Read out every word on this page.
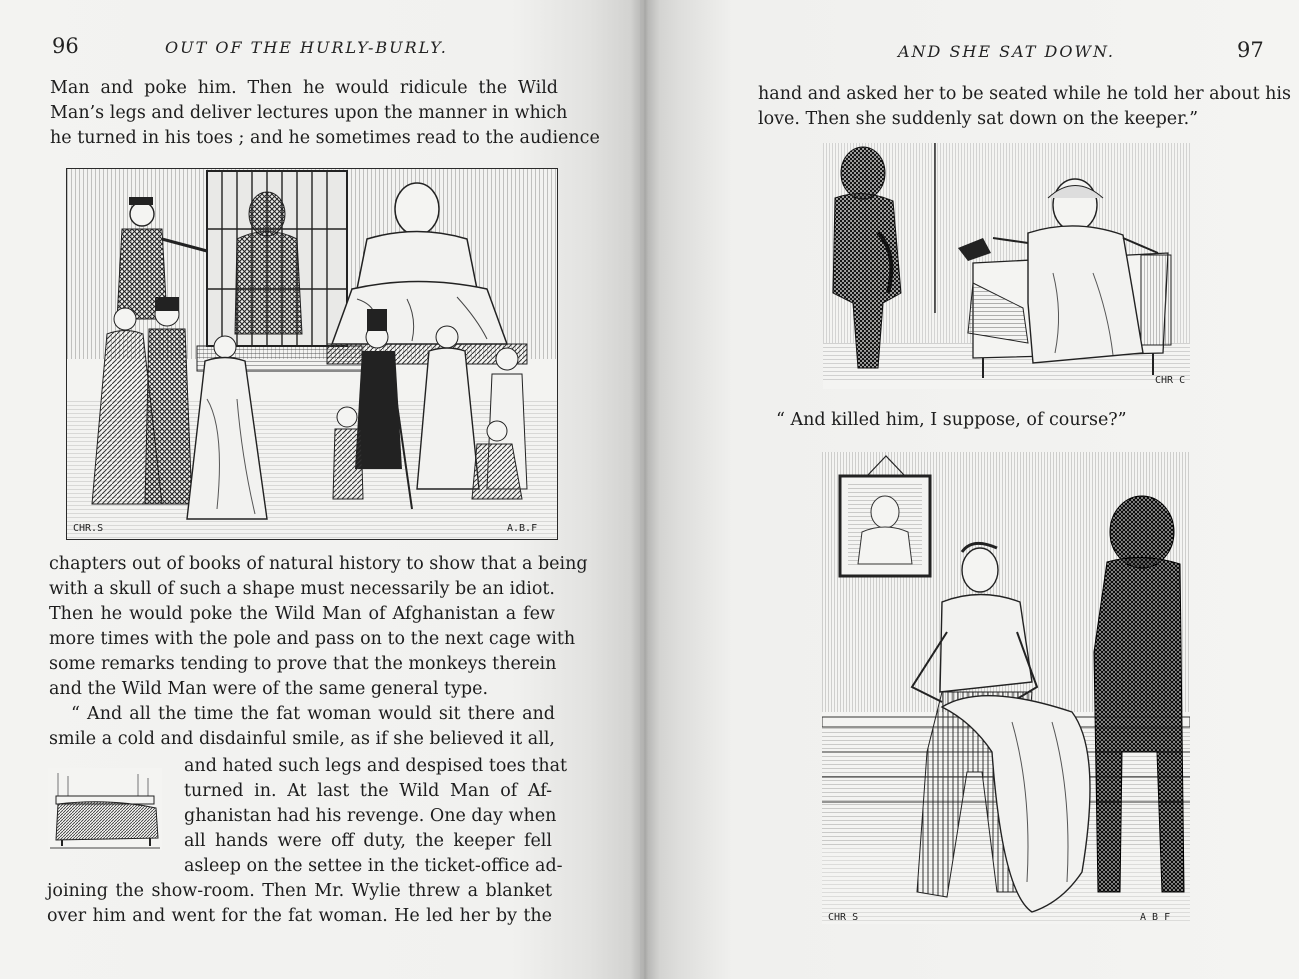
96	OUT OF THE HURLY-BURLY.
Man and poke him. Then he would ridicule the Wild
Man’s legs and deliver lectures upon the manner in which
he turned in his toes ; and he sometimes read to the audience
CHR.S	A.B.F
chapters out of books of natural history to show that a being
with a skull of such a shape must necessarily be an idiot.
Then he would poke the Wild Man of Afghanistan a few
more times with the pole and pass on to the next cage with
some remarks tending to prove that the monkeys therein
and the Wild Man were of the same general type.
“ And all the time the fat woman would sit there and
smile a cold and disdainful smile, as if she believed it all,
and hated such legs and despised toes that
turned in. At last the Wild Man of Af-
ghanistan had his revenge. One day when
all hands were off duty, the keeper fell
asleep on the settee in the ticket-office ad-
joining the show-room. Then Mr. Wylie threw a blanket
over him and went for the fat woman. He led her by the
AND SHE SAT DOWN.	97
hand and asked her to be seated while he told her about his
love. Then she suddenly sat down on the keeper.”
CHR C
“ And killed him, I suppose, of course?”
CHR S	A B F
